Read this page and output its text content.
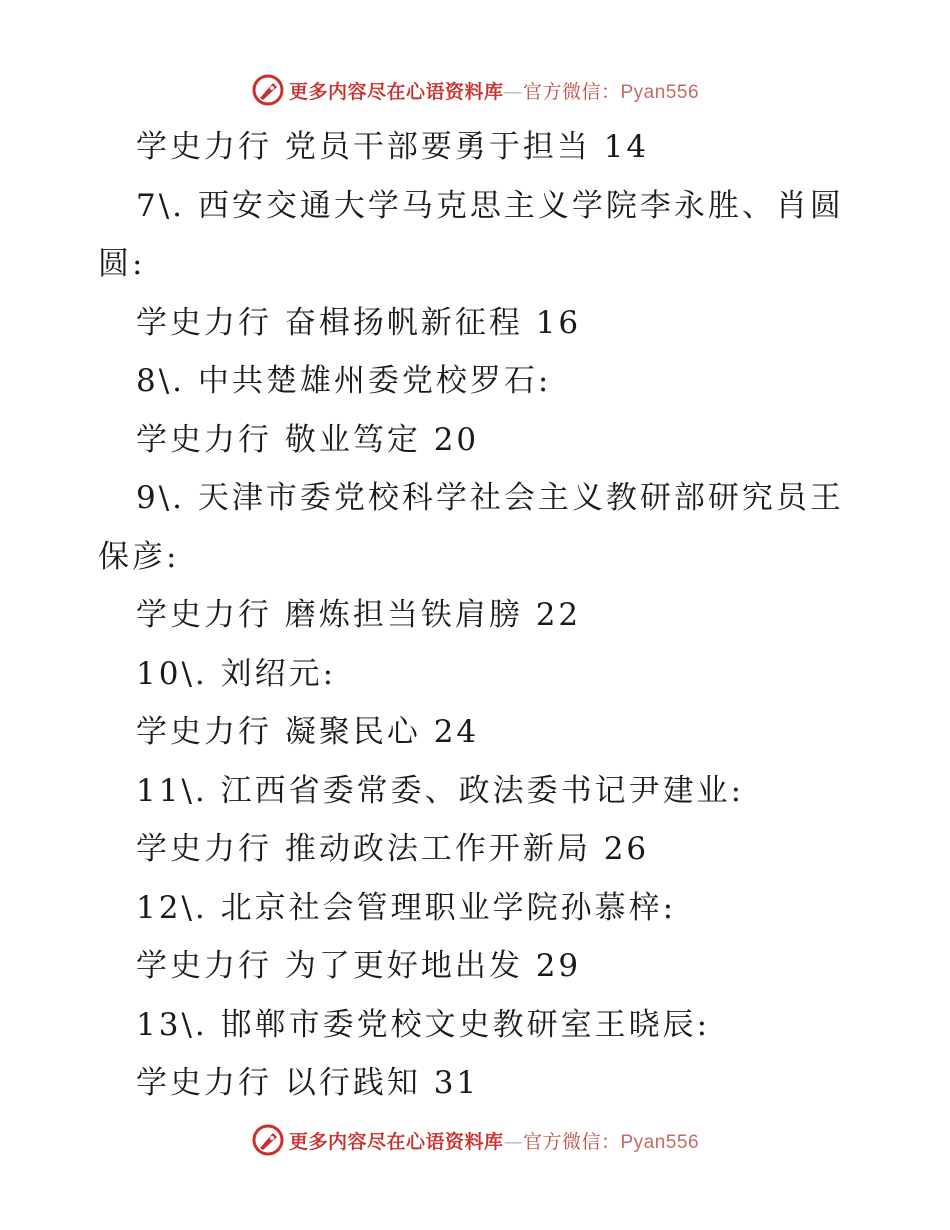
更多内容尽在心语资料库—官方微信：Pyan556
学史力行 党员干部要勇于担当 14
7\. 西安交通大学马克思主义学院李永胜、肖圆
圆:
学史力行 奋楫扬帆新征程 16
8\. 中共楚雄州委党校罗石:
学史力行 敬业笃定 20
9\. 天津市委党校科学社会主义教研部研究员王
保彦:
学史力行 磨炼担当铁肩膀 22
10\. 刘绍元:
学史力行 凝聚民心 24
11\. 江西省委常委、政法委书记尹建业:
学史力行 推动政法工作开新局 26
12\. 北京社会管理职业学院孙慕梓:
学史力行 为了更好地出发 29
13\. 邯郸市委党校文史教研室王晓辰:
学史力行 以行践知 31
更多内容尽在心语资料库—官方微信：Pyan556
